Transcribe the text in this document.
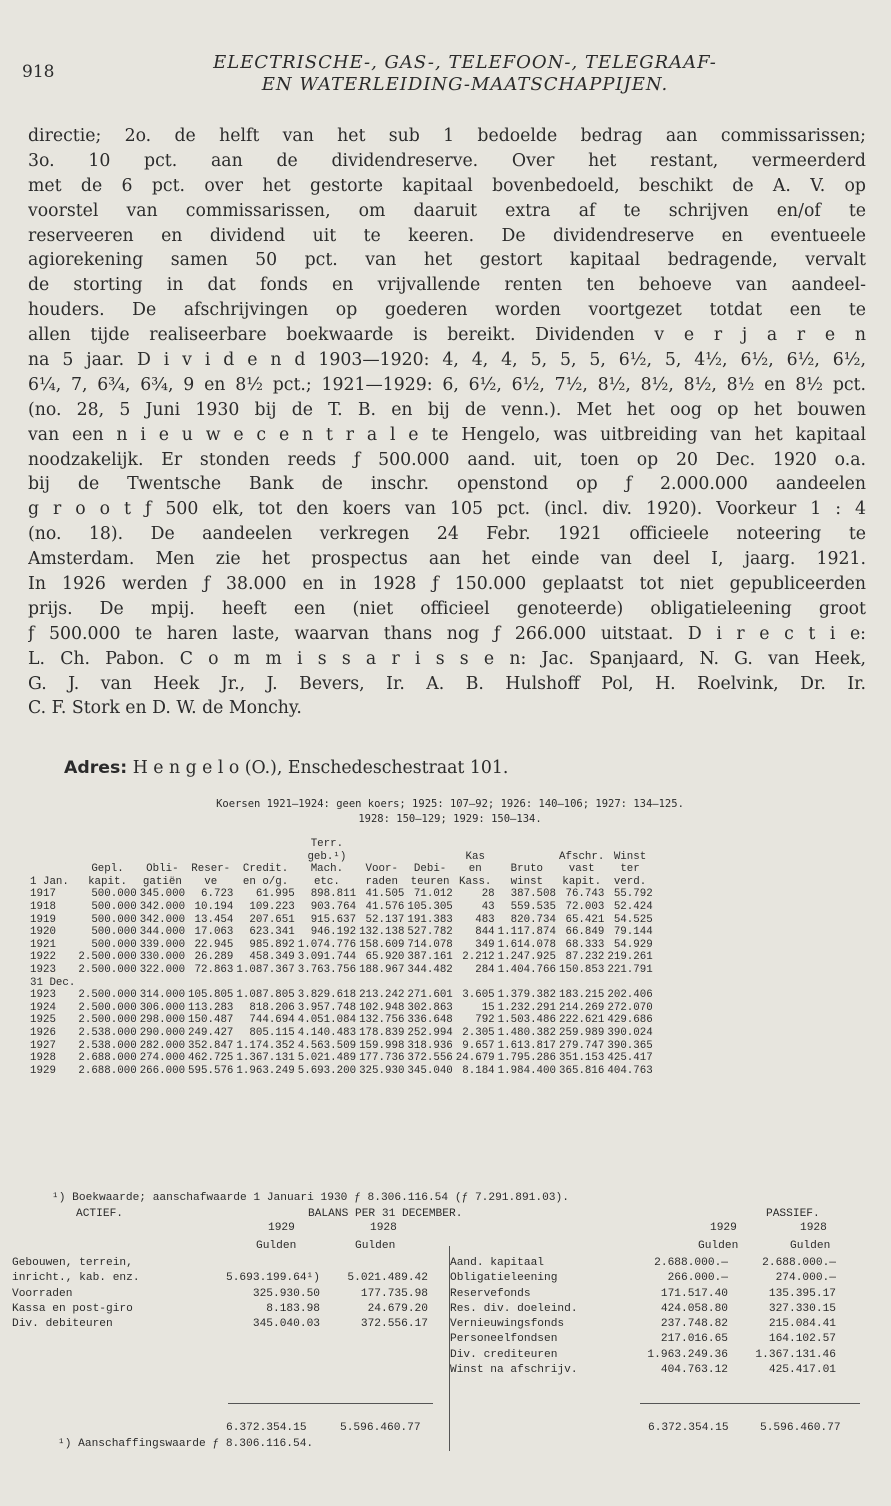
918	ELECTRISCHE-, GAS-, TELEFOON-, TELEGRAAF-
EN WATERLEIDING-MAATSCHAPPIJEN.
directie; 2o. de helft van het sub 1 bedoelde bedrag aan commissarissen;
3o. 10 pct. aan de dividendreserve. Over het restant, vermeerderd
met de 6 pct. over het gestorte kapitaal bovenbedoeld, beschikt de A. V. op
voorstel van commissarissen, om daaruit extra af te schrijven en/of te
reserveeren en dividend uit te keeren. De dividendreserve en eventueele
agiorekening samen 50 pct. van het gestort kapitaal bedragende, vervalt
de storting in dat fonds en vrijvallende renten ten behoeve van aandeel-
houders. De afschrijvingen op goederen worden voortgezet totdat een te
allen tijde realiseerbare boekwaarde is bereikt. Dividenden v e r j a r e n
na 5 jaar. D i v i d e n d 1903—1920: 4, 4, 4, 5, 5, 5, 6½, 5, 4½, 6½, 6½, 6½,
6¼, 7, 6¾, 6¾, 9 en 8½ pct.; 1921—1929: 6, 6½, 6½, 7½, 8½, 8½, 8½, 8½ en 8½ pct.
(no. 28, 5 Juni 1930 bij de T. B. en bij de venn.). Met het oog op het bouwen
van een n i e u w e c e n t r a l e te Hengelo, was uitbreiding van het kapitaal
noodzakelijk. Er stonden reeds ƒ 500.000 aand. uit, toen op 20 Dec. 1920 o.a.
bij de Twentsche Bank de inschr. openstond op ƒ 2.000.000 aandeelen
g r o o t ƒ 500 elk, tot den koers van 105 pct. (incl. div. 1920). Voorkeur 1 : 4
(no. 18). De aandeelen verkregen 24 Febr. 1921 officieele noteering te
Amsterdam. Men zie het prospectus aan het einde van deel I, jaarg. 1921.
In 1926 werden ƒ 38.000 en in 1928 ƒ 150.000 geplaatst tot niet gepubliceerden
prijs. De mpij. heeft een (niet officieel genoteerde) obligatieleening groot
ƒ 500.000 te haren laste, waarvan thans nog ƒ 266.000 uitstaat. D i r e c t i e:
L. Ch. Pabon. C o m m i s s a r i s s e n: Jac. Spanjaard, N. G. van Heek,
G. J. van Heek Jr., J. Bevers, Ir. A. B. Hulshoff Pol, H. Roelvink, Dr. Ir.
C. F. Stork en D. W. de Monchy.
Adres: H e n g e l o (O.), Enschedeschestraat 101.
Koersen 1921—1924: geen koers; 1925: 107—92; 1926: 140—106; 1927: 134—125.
1928: 150—129; 1929: 150—134.
					Terr.						
					geb.¹)			Kas		Afschr.	Winst
	Gepl.	Obli-	Reser-	Credit.	Mach.	Voor-	Debi-	en	Bruto	vast	ter
1 Jan.	kapit.	gatiën	ve	en o/g.	etc.	raden	teuren	Kass.	winst	kapit.	verd.
1917	500.000	345.000	6.723	61.995	898.811	41.505	71.012	28	387.508	76.743	55.792
1918	500.000	342.000	10.194	109.223	903.764	41.576	105.305	43	559.535	72.003	52.424
1919	500.000	342.000	13.454	207.651	915.637	52.137	191.383	483	820.734	65.421	54.525
1920	500.000	344.000	17.063	623.341	946.192	132.138	527.782	844	1.117.874	66.849	79.144
1921	500.000	339.000	22.945	985.892	1.074.776	158.609	714.078	349	1.614.078	68.333	54.929
1922	2.500.000	330.000	26.289	458.349	3.091.744	65.920	387.161	2.212	1.247.925	87.232	219.261
1923	2.500.000	322.000	72.863	1.087.367	3.763.756	188.967	344.482	284	1.404.766	150.853	221.791
31 Dec.											
1923	2.500.000	314.000	105.805	1.087.805	3.829.618	213.242	271.601	3.605	1.379.382	183.215	202.406
1924	2.500.000	306.000	113.283	818.206	3.957.748	102.948	302.863	15	1.232.291	214.269	272.070
1925	2.500.000	298.000	150.487	744.694	4.051.084	132.756	336.648	792	1.503.486	222.621	429.686
1926	2.538.000	290.000	249.427	805.115	4.140.483	178.839	252.994	2.305	1.480.382	259.989	390.024
1927	2.538.000	282.000	352.847	1.174.352	4.563.509	159.998	318.936	9.657	1.613.817	279.747	390.365
1928	2.688.000	274.000	462.725	1.367.131	5.021.489	177.736	372.556	24.679	1.795.286	351.153	425.417
1929	2.688.000	266.000	595.576	1.963.249	5.693.200	325.930	345.040	8.184	1.984.400	365.816	404.763
¹) Boekwaarde; aanschafwaarde 1 Januari 1930 ƒ 8.306.116.54 (ƒ 7.291.891.03).
ACTIEF.	BALANS PER 31 DECEMBER.	PASSIEF.
1929	1928
Gulden	Gulden
1929	1928
Gulden	Gulden
Gebouwen, terrein,		
inricht., kab. enz.	5.693.199.64¹)	5.021.489.42
Voorraden	325.930.50	177.735.98
Kassa en post-giro	8.183.98	24.679.20
Div. debiteuren	345.040.03	372.556.17
Aand. kapitaal	2.688.000.—	2.688.000.—
Obligatieleening	266.000.—	274.000.—
Reservefonds	171.517.40	135.395.17
Res. div. doeleind.	424.058.80	327.330.15
Vernieuwingsfonds	237.748.82	215.084.41
Personeelfondsen	217.016.65	164.102.57
Div. crediteuren	1.963.249.36	1.367.131.46
Winst na afschrijv.	404.763.12	425.417.01
6.372.354.15	5.596.460.77	6.372.354.15	5.596.460.77
¹) Aanschaffingswaarde ƒ 8.306.116.54.
